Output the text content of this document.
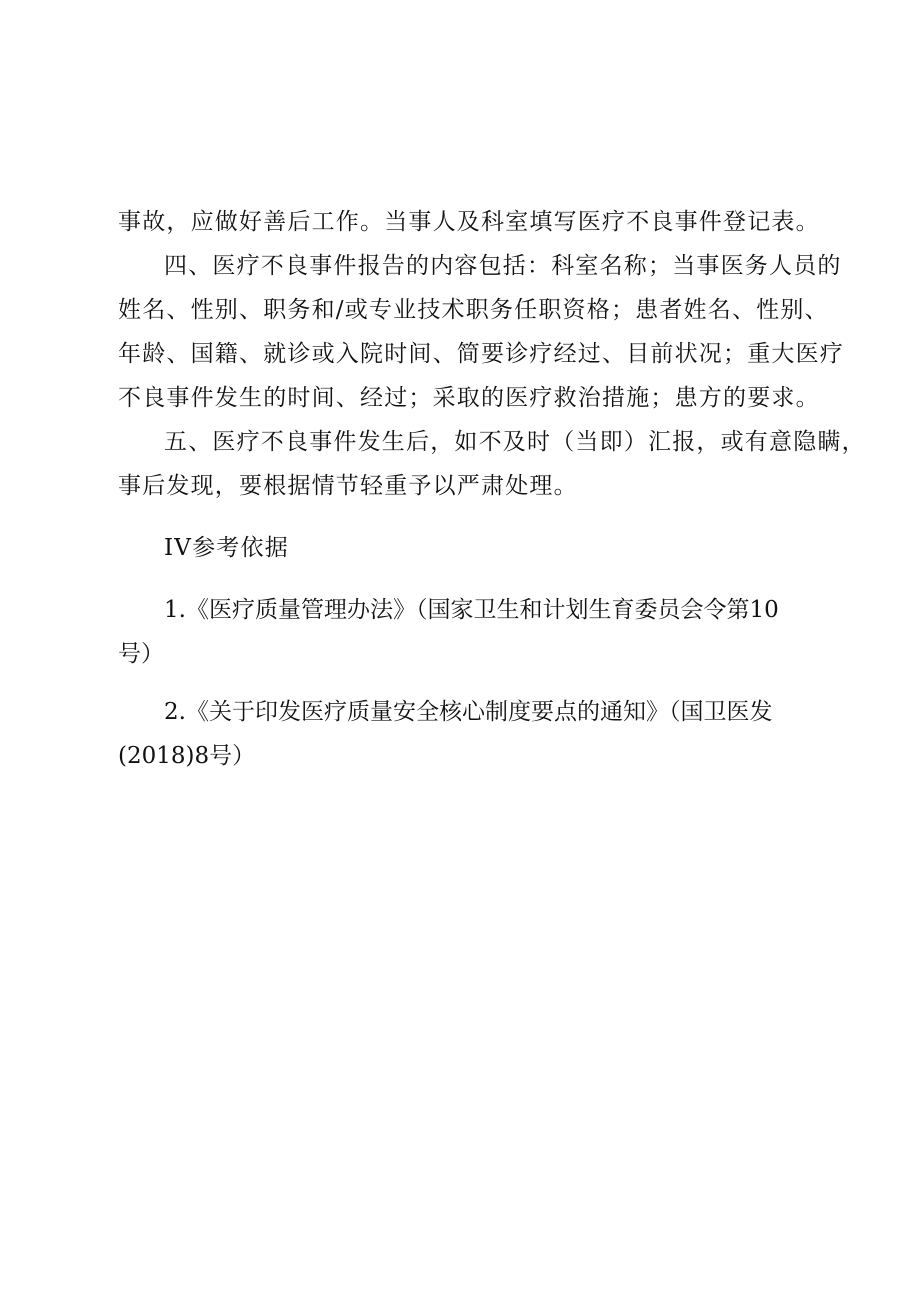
事故，应做好善后工作。当事人及科室填写医疗不良事件登记表。
四、医疗不良事件报告的内容包括：科室名称；当事医务人员的
姓名、性别、职务和/或专业技术职务任职资格；患者姓名、性别、
年龄、国籍、就诊或入院时间、简要诊疗经过、目前状况；重大医疗
不良事件发生的时间、经过；采取的医疗救治措施；患方的要求。
五、医疗不良事件发生后，如不及时（当即）汇报，或有意隐瞒，
事后发现，要根据情节轻重予以严肃处理。
IV参考依据
1.《医疗质量管理办法》（国家卫生和计划生育委员会令第10
号）
2.《关于印发医疗质量安全核心制度要点的通知》（国卫医发
(2018)8号）
